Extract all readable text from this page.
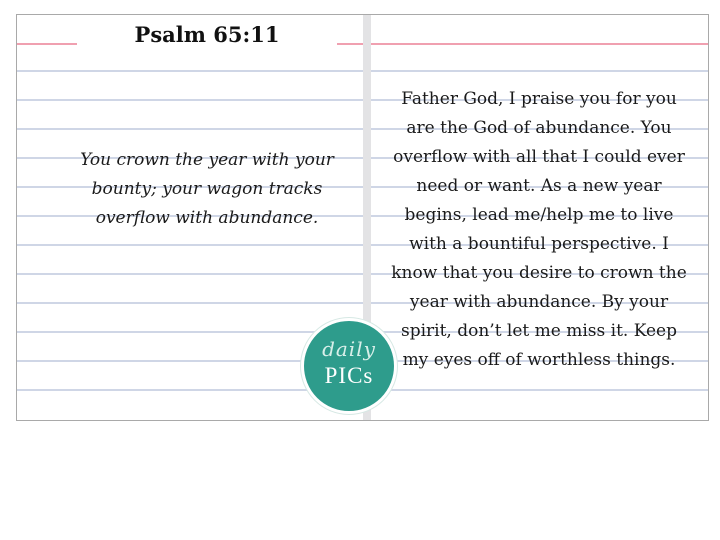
Psalm 65:11
You crown the year with your bounty; your wagon tracks overflow with abundance.
Father God, I praise you for you are the God of abundance. You overflow with all that I could ever need or want. As a new year begins, lead me/help me to live with a bountiful perspective. I know that you desire to crown the year with abundance. By your spirit, don’t let me miss it. Keep my eyes off of worthless things.
daily
PICs
